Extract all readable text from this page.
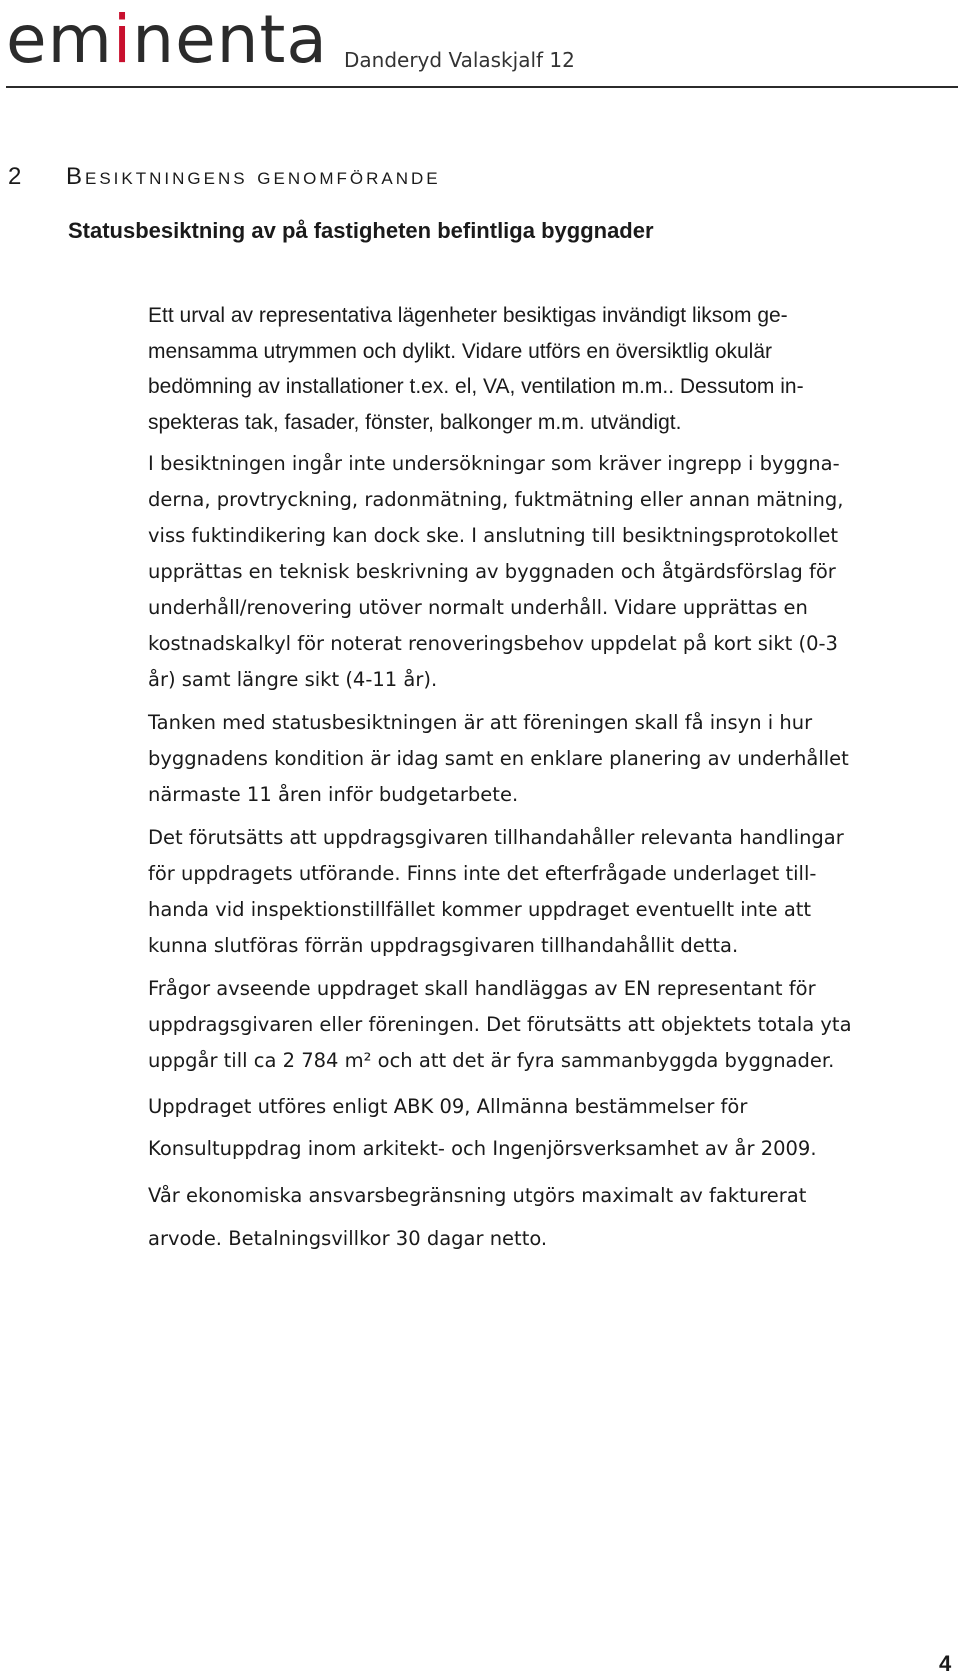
eminenta Danderyd Valaskjalf 12
2 Besiktningens genomförande
Statusbesiktning av på fastigheten befintliga byggnader
Ett urval av representativa lägenheter besiktigas invändigt liksom ge-
mensamma utrymmen och dylikt. Vidare utförs en översiktlig okulär
bedömning av installationer t.ex. el, VA, ventilation m.m.. Dessutom in-
spekteras tak, fasader, fönster, balkonger m.m. utvändigt.
I besiktningen ingår inte undersökningar som kräver ingrepp i byggna-
derna, provtryckning, radonmätning, fuktmätning eller annan mätning,
viss fuktindikering kan dock ske. I anslutning till besiktningsprotokollet
upprättas en teknisk beskrivning av byggnaden och åtgärdsförslag för
underhåll/renovering utöver normalt underhåll. Vidare upprättas en
kostnadskalkyl för noterat renoveringsbehov uppdelat på kort sikt (0-3
år) samt längre sikt (4-11 år).
Tanken med statusbesiktningen är att föreningen skall få insyn i hur
byggnadens kondition är idag samt en enklare planering av underhållet
närmaste 11 åren inför budgetarbete.
Det förutsätts att uppdragsgivaren tillhandahåller relevanta handlingar
för uppdragets utförande. Finns inte det efterfrågade underlaget till-
handa vid inspektionstillfället kommer uppdraget eventuellt inte att
kunna slutföras förrän uppdragsgivaren tillhandahållit detta.
Frågor avseende uppdraget skall handläggas av EN representant för
uppdragsgivaren eller föreningen. Det förutsätts att objektets totala yta
uppgår till ca 2 784 m² och att det är fyra sammanbyggda byggnader.
Uppdraget utföres enligt ABK 09, Allmänna bestämmelser för
Konsultuppdrag inom arkitekt- och Ingenjörsverksamhet av år 2009.
Vår ekonomiska ansvarsbegränsning utgörs maximalt av fakturerat
arvode. Betalningsvillkor 30 dagar netto.
4
